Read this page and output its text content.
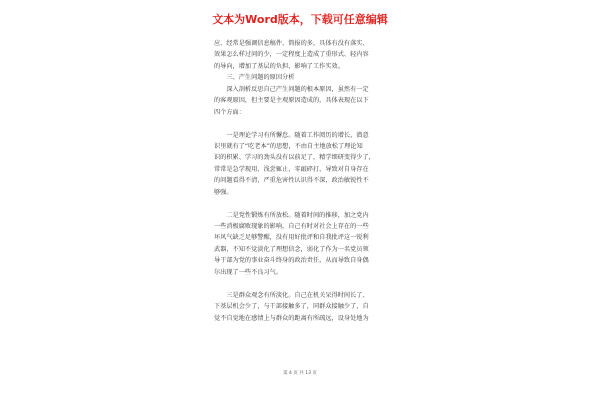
文本为Word版本，下载可任意编辑
应、经常是强调信息稿件、简报的多，具体有没有落实、
效果怎么样过问的少，一定程度上造成了重形式、轻内容
的导向，增加了基层的负担，影响了工作实效。
　　三、产生问题的原因分析
　　深入剖析反思自己产生问题的根本原因，虽然有一定
的客观原因，但主要是主观原因造成的，具体表现在以下
四个方面：
　　一是理论学习有所懈怠。随着工作阅历的增长，潜意
识里就有了“吃老本”的思想，不由自主地放松了理论知
识的积累、学习的劲头没有以前足了，精学细研变得少了，
常常是急学现用、浅尝辄止、零敲碎打，导致对自身存在
的问题看得不清，严重危害性认识得不深，政治敏锐性不
够强。
　　二是党性锻炼有所放松。随着时间的推移，加之党内
一些消极腐败现象的影响，自己有时对社会上存在的一些
坏风气缺乏足够警醒，没有用好批评和自我批评这一锐利
武器，不知不觉淡化了理想信念，弱化了作为一名党员领
导干部为党的事业奋斗终身的政治责任，从而导致自身偶
尔出现了一些不良习气。
　　三是群众观念有所淡化。自己在机关呆得时间长了、
下基层机会少了，与干部接触多了，同群众接触少了，自
觉不自觉地在感情上与群众的距离有所疏远，设身处地为
第 4 页 共 13 页
